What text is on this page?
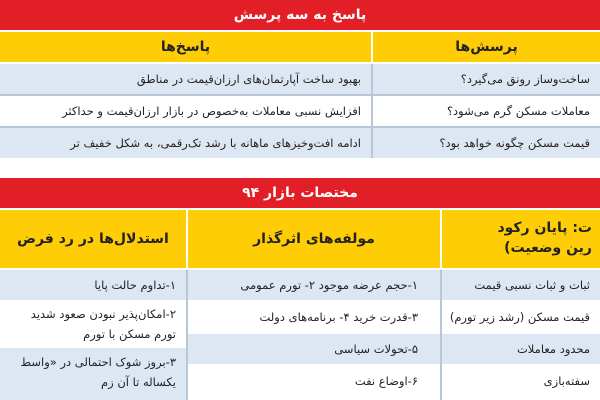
پاسخ به سه پرسش
پرسش‌ها
پاسخ‌ها
ساخت‌وساز رونق می‌گیرد؟
بهبود ساخت آپارتمان‌های ارزان‌قیمت در مناطق
معاملات مسکن گرم می‌شود؟
افزایش نسبی معاملات به‌خصوص در بازار ارزان‌قیمت و حداکثر
قیمت مسکن چگونه خواهد بود؟
ادامه افت‌وخیزهای ماهانه با رشد تک‌رقمی، به شکل خفیف تر
مختصات بازار ۹۴
ت: پایان رکود
رین وضعیت)
مولفه‌های اثرگذار
استدلال‌ها در رد فرض
ثبات و ثبات نسبی قیمت
قیمت مسکن (رشد زیر تورم)
محدود معاملات
سفته‌بازی
۱-حجم عرضه موجود ۲- تورم عمومی
۳-قدرت خرید ۴- برنامه‌های دولت
۵-تحولات سیاسی
۶-اوضاع نفت
۱-تداوم حالت پایا
۲-امکان‌پذیر نبودن صعود شدید
تورم مسکن با تورم
۳-بروز شوک احتمالی در «واسط
یکساله تا آن زم
